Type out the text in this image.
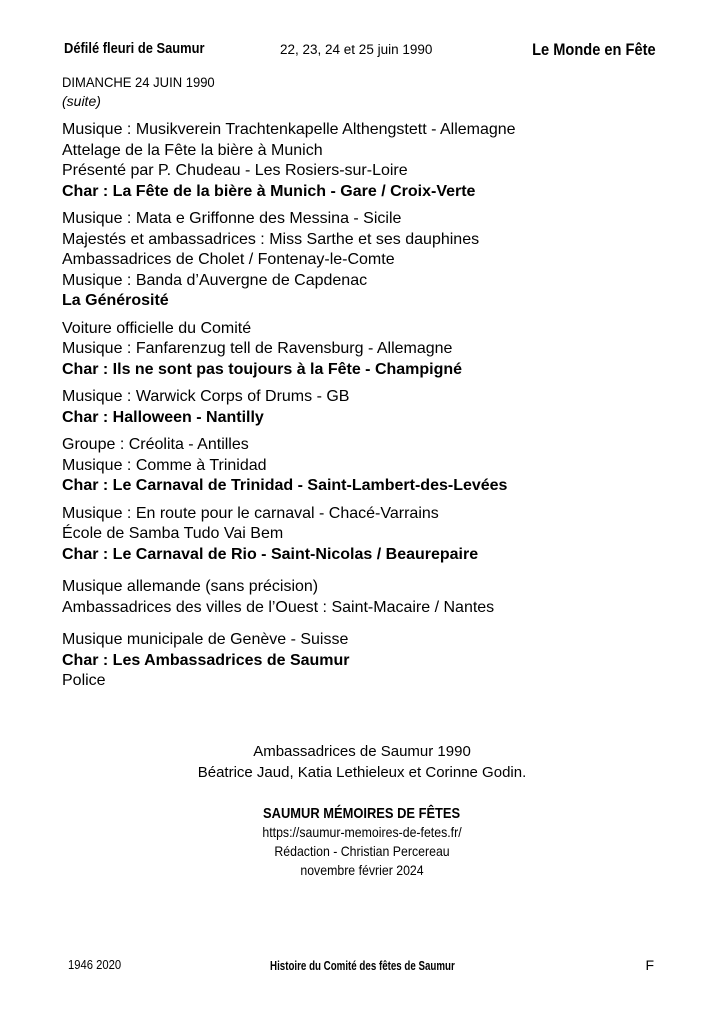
Défilé fleuri de Saumur	22, 23, 24 et 25 juin 1990	Le Monde en Fête
DIMANCHE 24 JUIN 1990
(suite)
Musique : Musikverein Trachtenkapelle Althengstett - Allemagne
Attelage de la Fête la bière à Munich
Présenté par P. Chudeau - Les Rosiers-sur-Loire
Char : La Fête de la bière à Munich - Gare / Croix-Verte
Musique : Mata e Griffonne des Messina - Sicile
Majestés et ambassadrices : Miss Sarthe et ses dauphines
Ambassadrices de Cholet / Fontenay-le-Comte
Musique : Banda d’Auvergne de Capdenac
La Générosité
Voiture officielle du Comité
Musique : Fanfarenzug tell de Ravensburg - Allemagne
Char : Ils ne sont pas toujours à la Fête - Champigné
Musique : Warwick Corps of Drums - GB
Char : Halloween - Nantilly
Groupe : Créolita - Antilles
Musique : Comme à Trinidad
Char : Le Carnaval de Trinidad - Saint-Lambert-des-Levées
Musique : En route pour le carnaval - Chacé-Varrains
École de Samba Tudo Vai Bem
Char : Le Carnaval de Rio - Saint-Nicolas / Beaurepaire
Musique allemande (sans précision)
Ambassadrices des villes de l’Ouest : Saint-Macaire / Nantes
Musique municipale de Genève - Suisse
Char : Les Ambassadrices de Saumur
Police
Ambassadrices de Saumur 1990
Béatrice Jaud, Katia Lethieleux et Corinne Godin.
SAUMUR MÉMOIRES DE FÊTES
https://saumur-memoires-de-fetes.fr/
Rédaction - Christian Percereau
novembre février 2024
1946 2020	Histoire du Comité des fêtes de Saumur	F
